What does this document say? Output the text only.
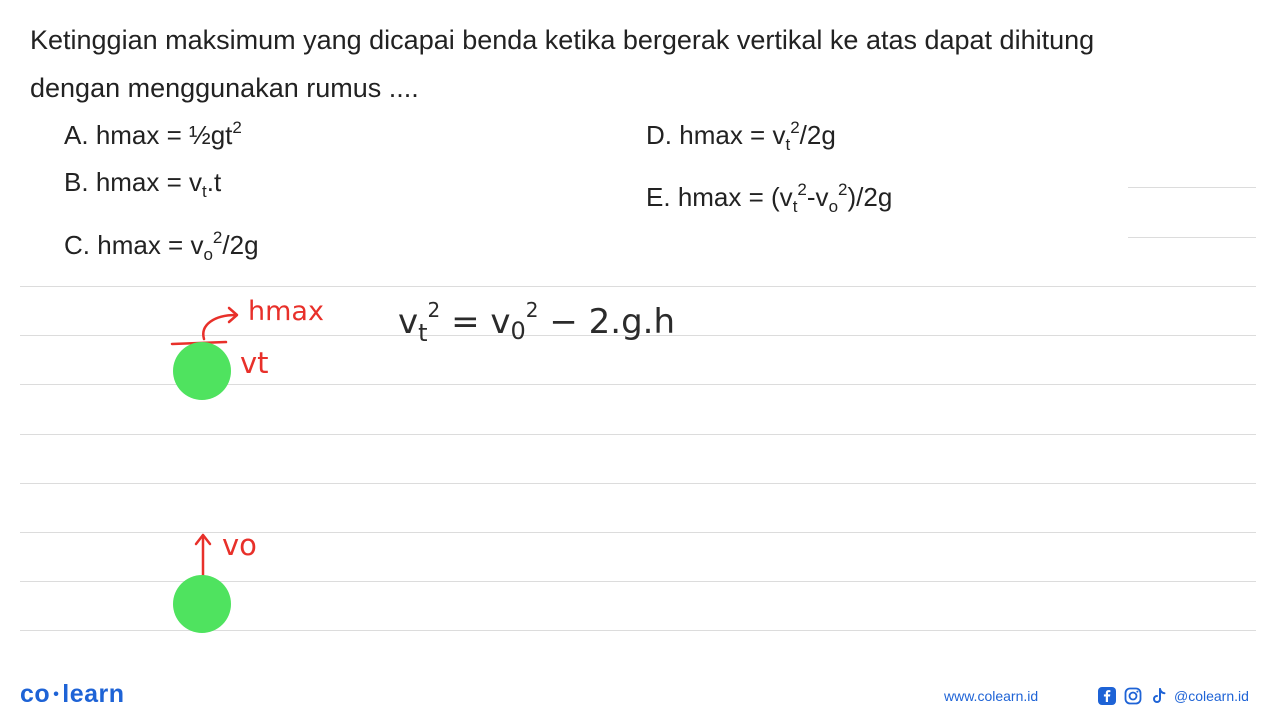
Ketinggian maksimum yang dicapai benda ketika bergerak vertikal ke atas dapat dihitung dengan menggunakan rumus ....
A. $hmax = \frac{1}{2}gt^2$
B. $hmax = v_t.t$
C. $hmax = v_o^2/2g$
D. $hmax = v_t^2/2g$
E. $hmax = (v_t^2-v_o^2)/2g$
hmax
vt
vo
$v_t^2 = v_0^2 - 2.g.h$
co • learn	www.colearn.id	@colearn.id
